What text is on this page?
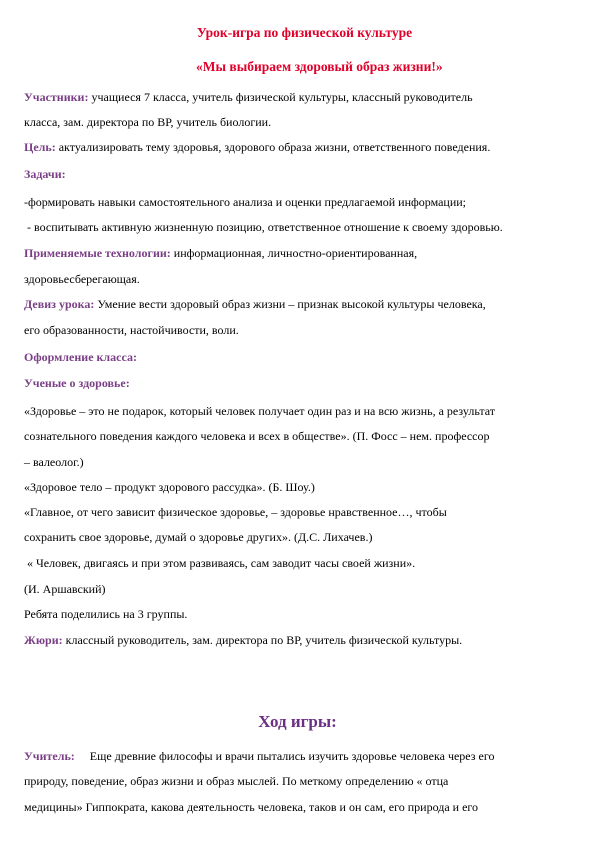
Урок-игра по физической культуре
«Мы выбираем здоровый образ жизни!»
Участники: учащиеся 7 класса, учитель физической культуры, классный руководитель
класса, зам. директора по ВР, учитель биологии.
Цель: актуализировать тему здоровья, здорового образа жизни, ответственного поведения.
Задачи:
-формировать навыки самостоятельного анализа и оценки предлагаемой информации;
- воспитывать активную жизненную позицию, ответственное отношение к своему здоровью.
Применяемые технологии: информационная, личностно-ориентированная,
здоровьесберегающая.
Девиз урока: Умение вести здоровый образ жизни – признак высокой культуры человека,
его образованности, настойчивости, воли.
Оформление класса:
Ученые о здоровье:
«Здоровье – это не подарок, который человек получает один раз и на всю жизнь, а результат
сознательного поведения каждого человека и всех в обществе». (П. Фосс – нем. профессор
– валеолог.)
«Здоровое тело – продукт здорового рассудка». (Б. Шоу.)
«Главное, от чего зависит физическое здоровье, – здоровье нравственное…, чтобы
сохранить свое здоровье, думай о здоровье других». (Д.С. Лихачев.)
« Человек, двигаясь и при этом развиваясь, сам заводит часы своей жизни».
(И. Аршавский)
Ребята поделились на 3 группы.
Жюри: классный руководитель, зам. директора по ВР, учитель физической культуры.
Ход игры:
Учитель:     Еще древние философы и врачи пытались изучить здоровье человека через его
природу, поведение, образ жизни и образ мыслей. По меткому определению « отца
медицины» Гиппократа, какова деятельность человека, таков и он сам, его природа и его
